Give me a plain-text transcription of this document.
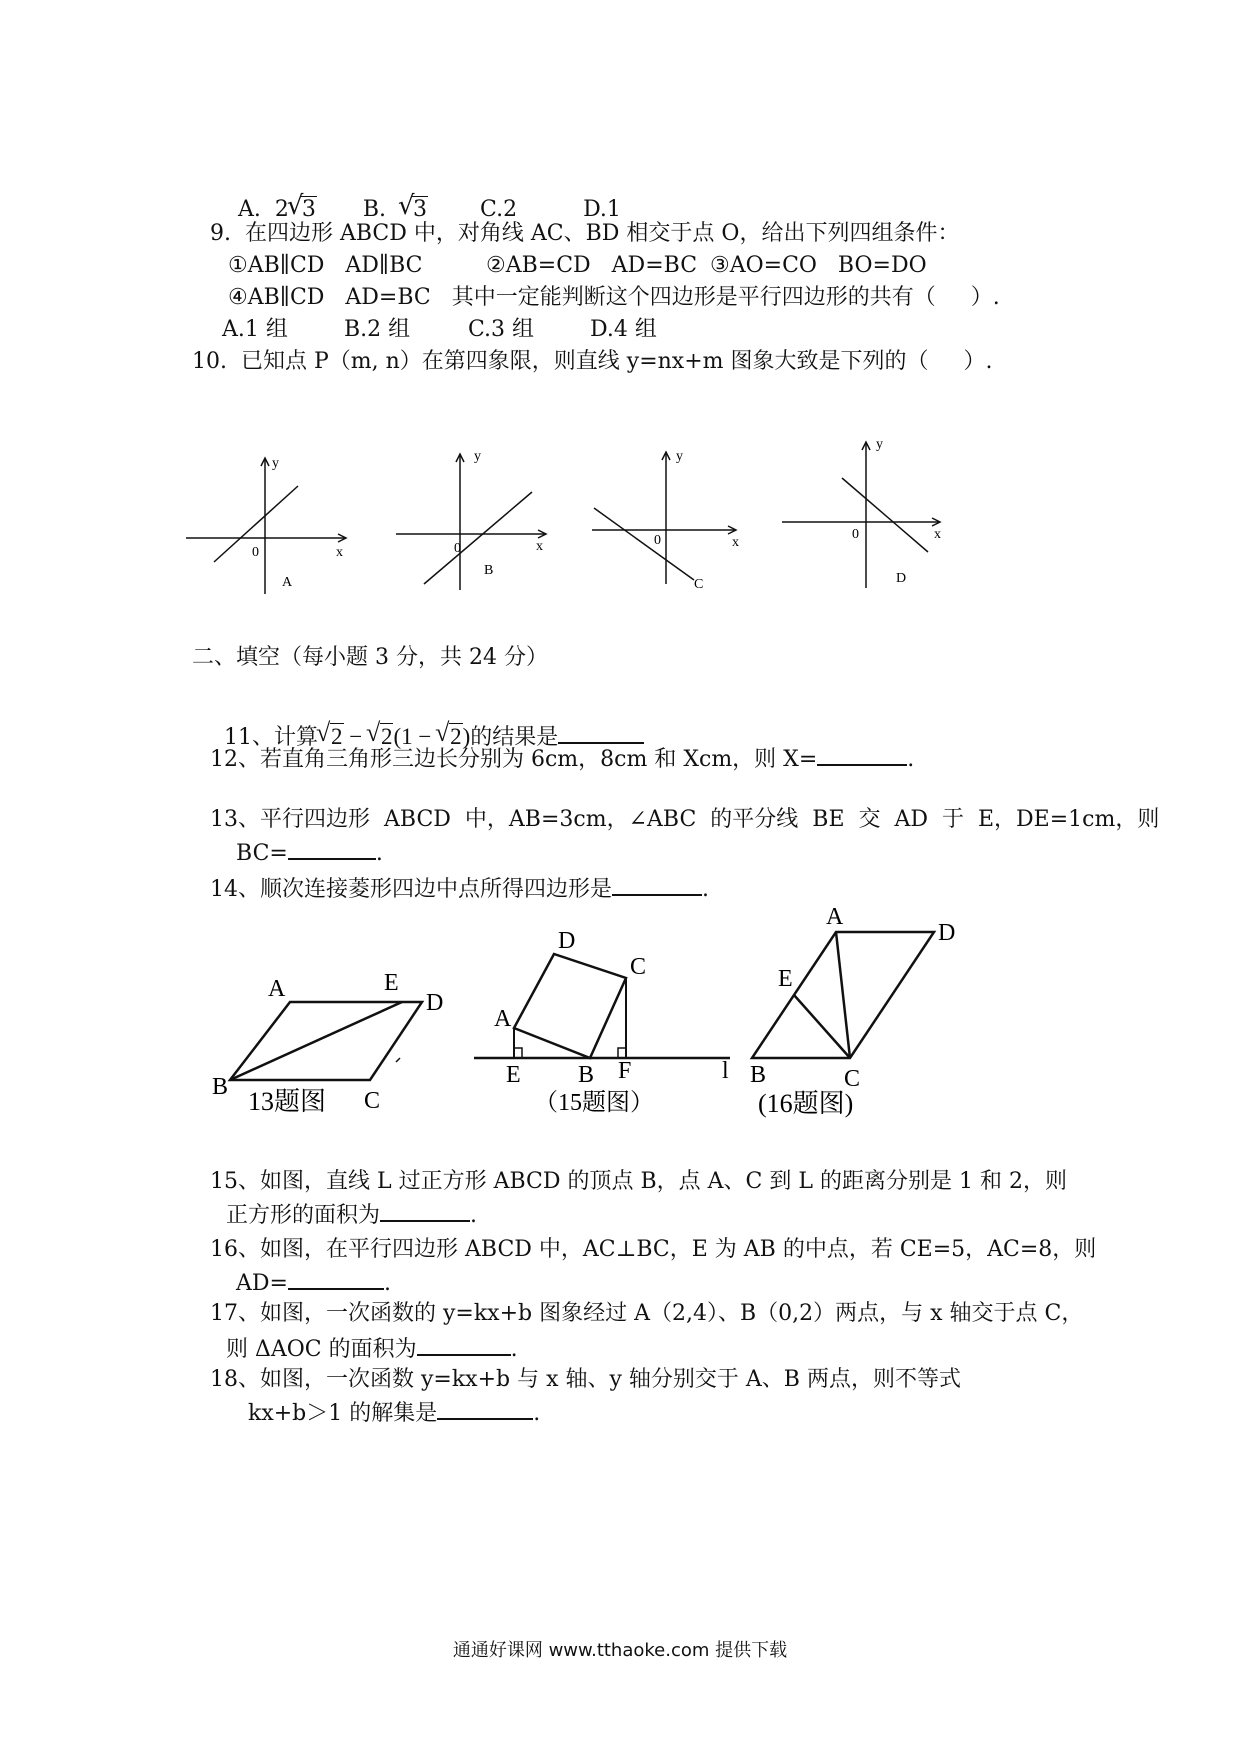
A.  2 √ 3 B.  √ 3 C.2	D.1

9.  在四边形 ABCD 中，对角线 AC、BD 相交于点 O，给出下列四组条件：
①AB∥CD   AD∥BC	②AB=CD   AD=BC ③AO=CO   BO=DO
④AB∥CD   AD=BC   其中一定能判断这个四边形是平行四边形的共有（     ）.
A.1 组	B.2 组	C.3 组	D.4 组
10.  已知点 P（m, n）在第四象限，则直线 y=nx+m 图象大致是下列的（     ）.
y
x
0
A
y
x
0
B
y
x
0
C
y
x
0
D
二、填空（每小题 3 分，共 24 分）

11、计算 √ 2 − √ 2(1 − √ 2)的结果是

12、若直角三角形三边长分别为 6cm，8cm 和 Xcm，则 X=	.
13、平行四边形  ABCD  中，AB=3cm，∠ABC  的平分线  BE  交  AD  于  E，DE=1cm，则
BC=	.
14、顺次连接菱形四边中点所得四边形是	.
A	E
D
B
C
13题图
D
C
A
E B F	l
（15题图）
A
D
E
B	C
(16题图)
15、如图，直线 L 过正方形 ABCD 的顶点 B，点 A、C 到 L 的距离分别是 1 和 2，则
正方形的面积为	.
16、如图，在平行四边形 ABCD 中，AC⊥BC，E 为 AB 的中点，若 CE=5，AC=8，则
AD=	.
17、如图，一次函数的 y=kx+b 图象经过 A（2,4）、B（0,2）两点，与 x 轴交于点 C，
则 ΔAOC 的面积为	.
18、如图，一次函数 y=kx+b 与 x 轴、y 轴分别交于 A、B 两点，则不等式
kx+b＞1 的解集是	.
通通好课网 www.tthaoke.com 提供下载
